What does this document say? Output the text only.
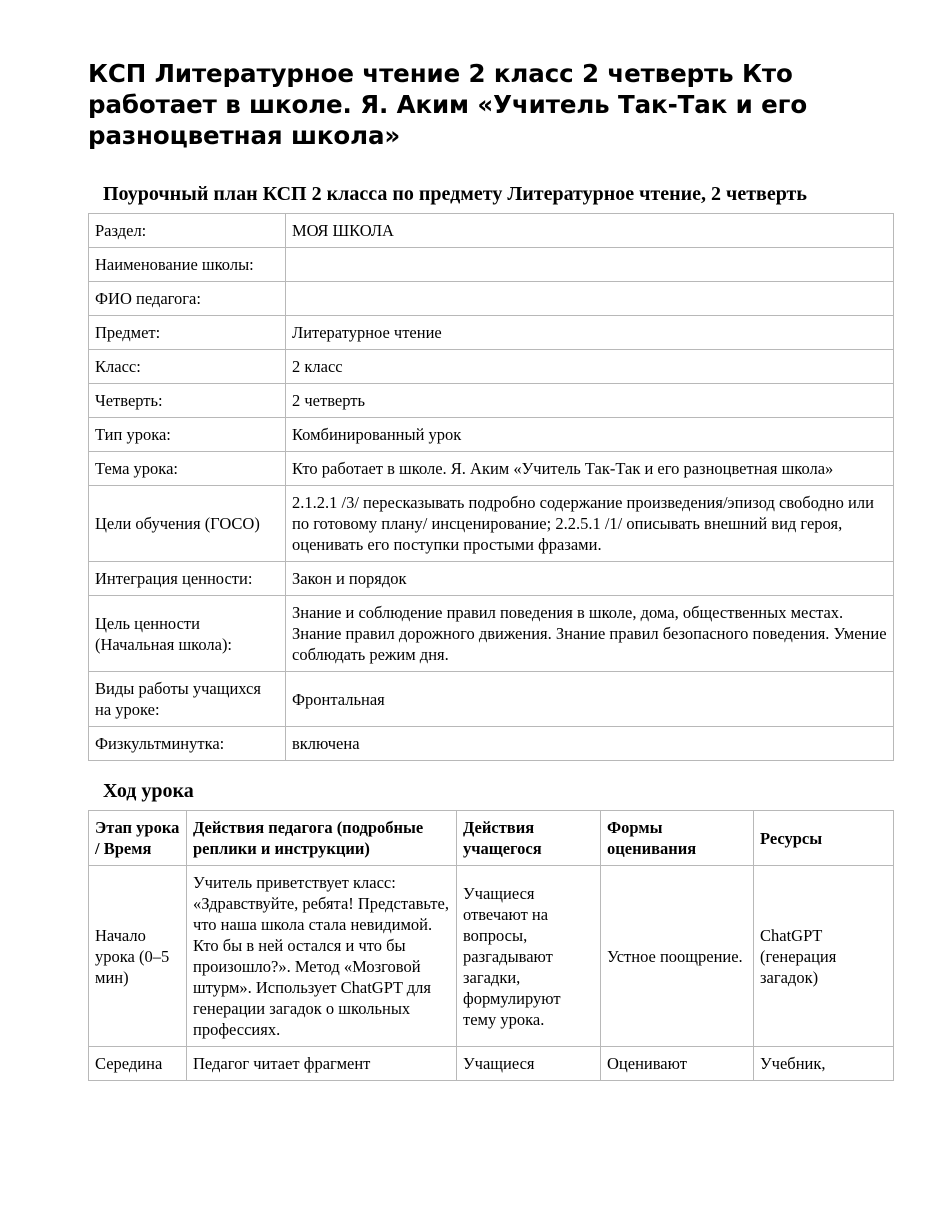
КСП Литературное чтение 2 класс 2 четверть Кто работает в школе. Я. Аким «Учитель Так-Так и его разноцветная школа»
Поурочный план КСП 2 класса по предмету Литературное чтение, 2 четверть
Раздел:	МОЯ ШКОЛА
Наименование школы:	
ФИО педагога:	
Предмет:	Литературное чтение
Класс:	2 класс
Четверть:	2 четверть
Тип урока:	Комбинированный урок
Тема урока:	Кто работает в школе. Я. Аким «Учитель Так-Так и его разноцветная школа»
Цели обучения (ГОСО)	2.1.2.1 /3/ пересказывать подробно содержание произведения/эпизод свободно или по готовому плану/ инсценирование; 2.2.5.1 /1/ описывать внешний вид героя, оценивать его поступки простыми фразами.
Интеграция ценности:	Закон и порядок
Цель ценности (Начальная школа):	Знание и соблюдение правил поведения в школе, дома, общественных местах. Знание правил дорожного движения. Знание правил безопасного поведения. Умение соблюдать режим дня.
Виды работы учащихся на уроке:	Фронтальная
Физкультминутка:	включена
Ход урока
Этап урока / Время	Действия педагога (подробные реплики и инструкции)	Действия учащегося	Формы оценивания	Ресурсы
Начало урока (0–5 мин)	Учитель приветствует класс: «Здравствуйте, ребята! Представьте, что наша школа стала невидимой. Кто бы в ней остался и что бы произошло?». Метод «Мозговой штурм». Использует ChatGPT для генерации загадок о школьных профессиях.	Учащиеся отвечают на вопросы, разгадывают загадки, формулируют тему урока.	Устное поощрение.	ChatGPT (генерация загадок)
Середина	Педагог читает фрагмент	Учащиеся	Оценивают	Учебник,
